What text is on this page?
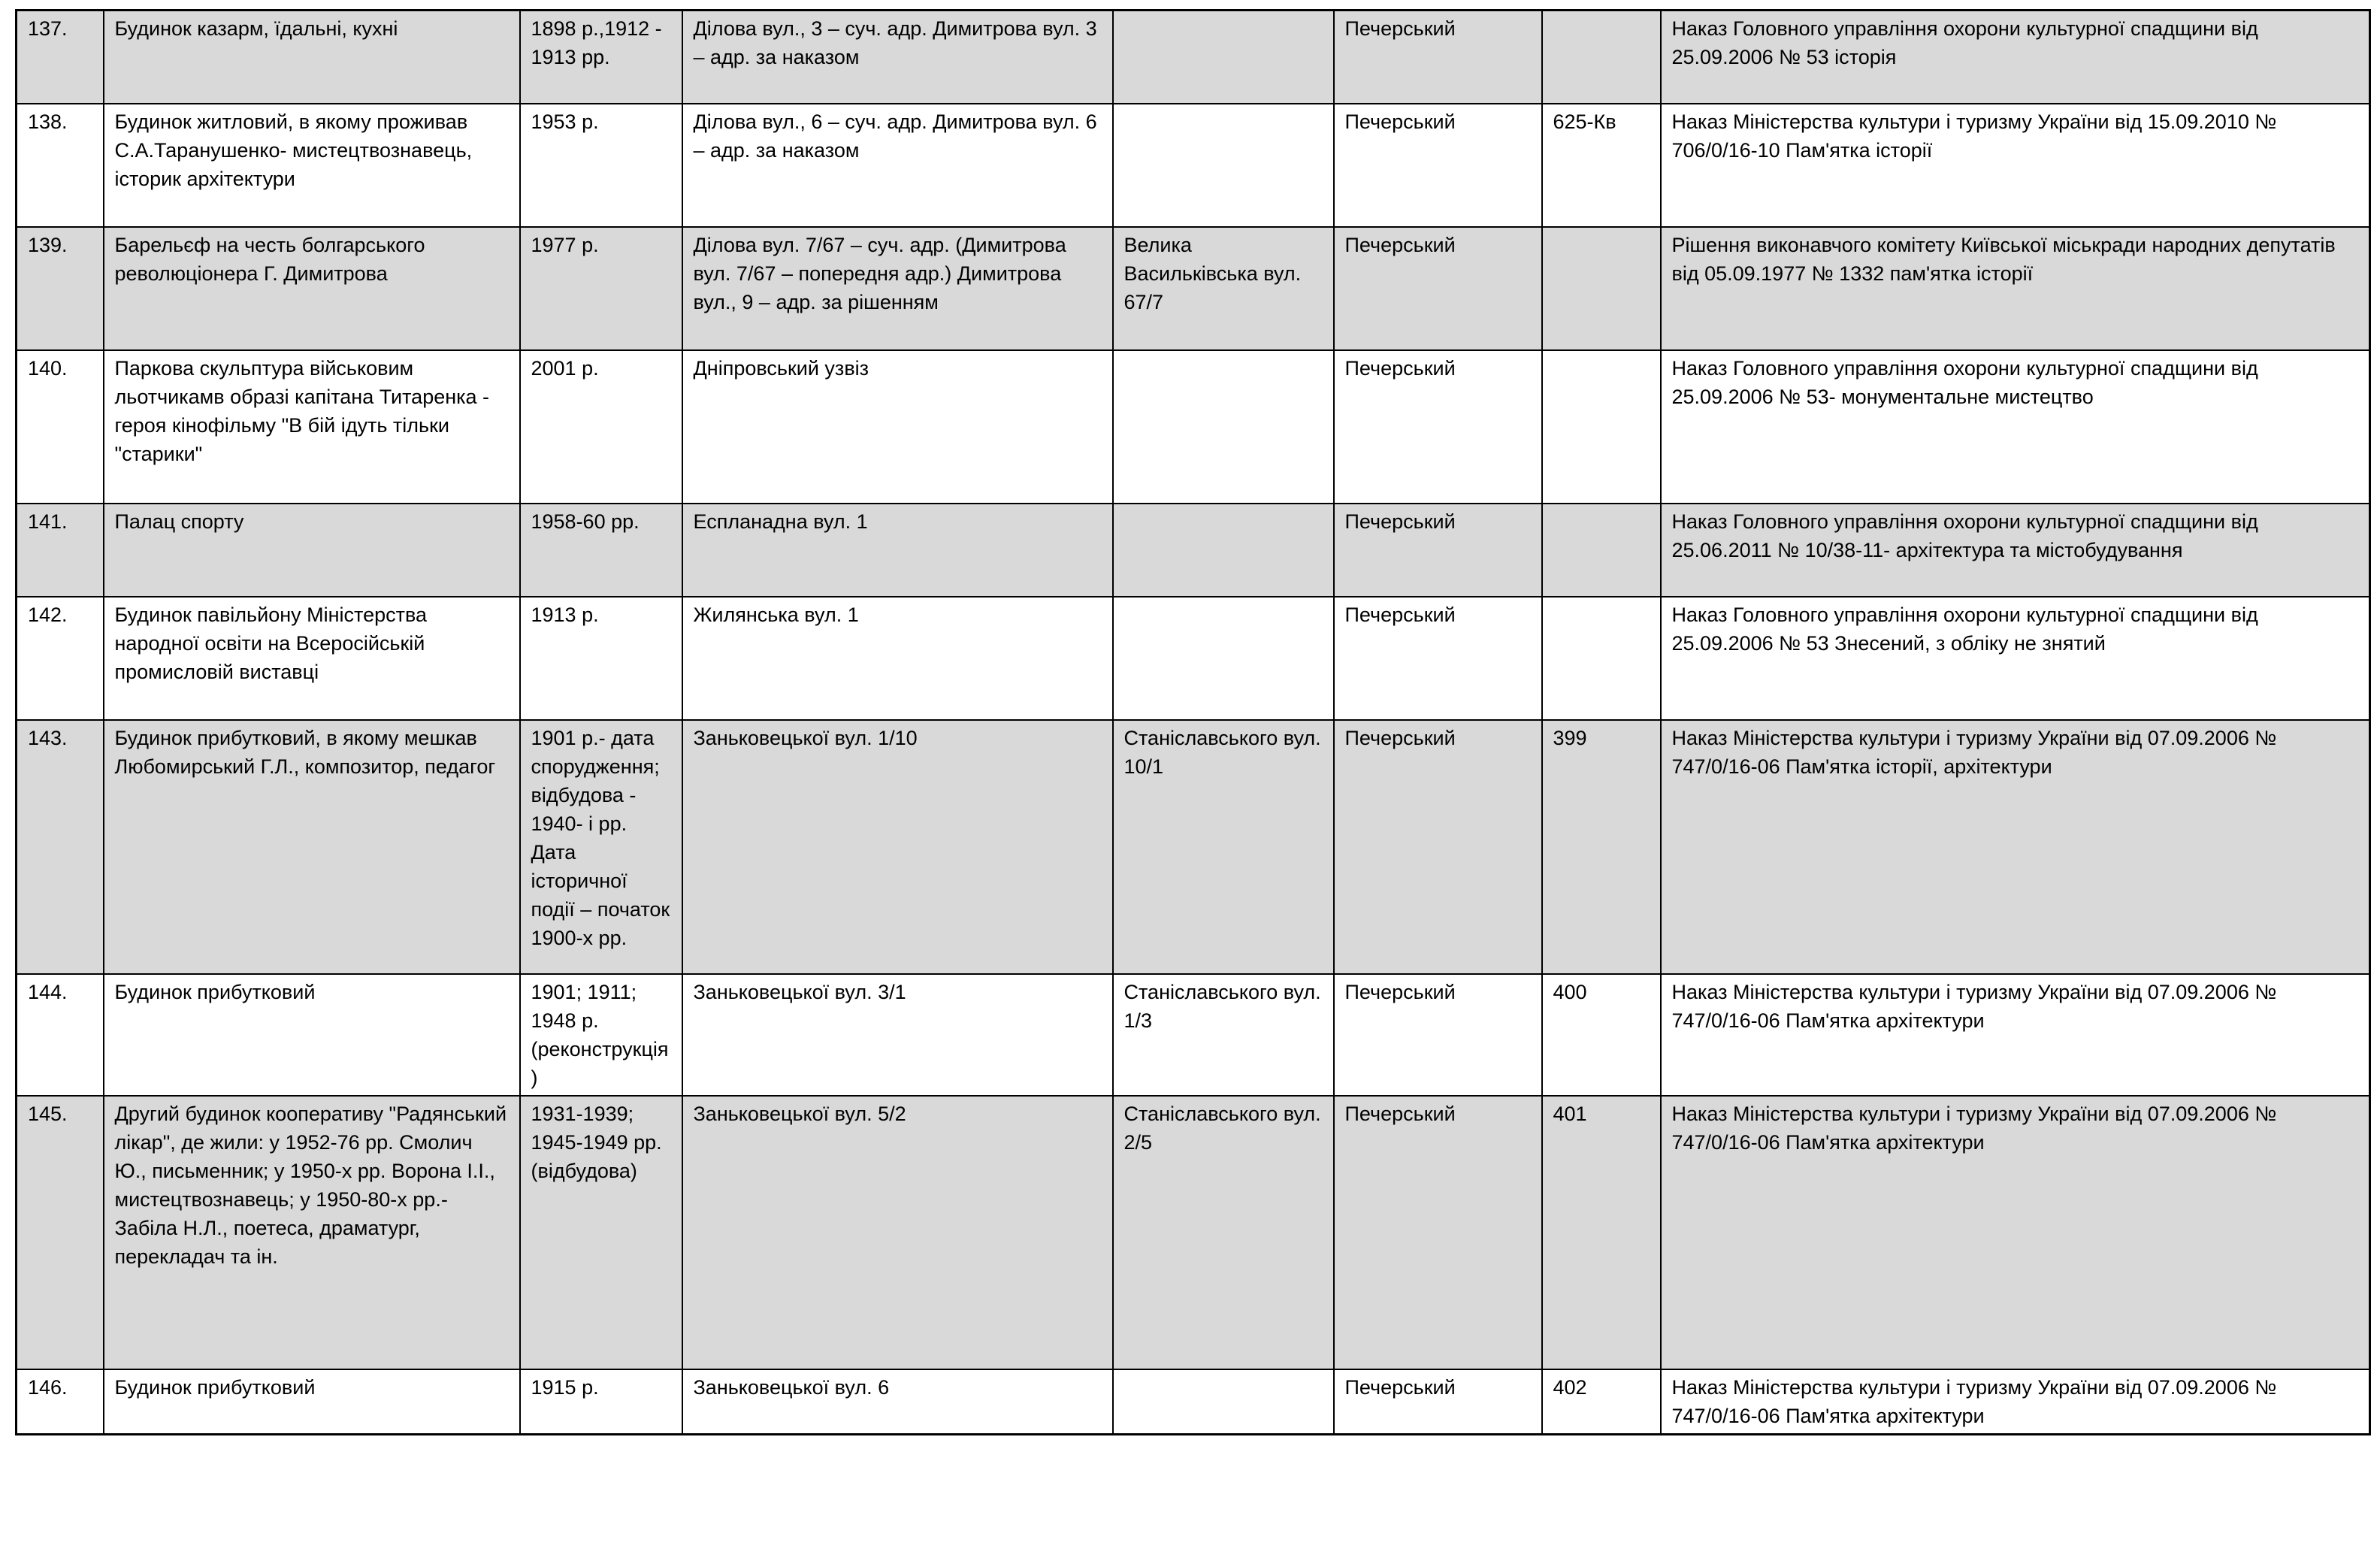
137.	Будинок казарм, їдальні, кухні	1898 р.,1912 - 1913 рр.	Ділова вул., 3 – суч. адр. Димитрова вул. 3 – адр. за наказом		Печерський		Наказ Головного управління охорони культурної спадщини від 25.09.2006 № 53 історія
138.	Будинок житловий, в якому проживав С.А.Таранушенко- мистецтвознавець, історик архітектури	1953 р.	Ділова вул., 6 – суч. адр. Димитрова вул. 6 – адр. за наказом		Печерський	625-Кв	Наказ Міністерства культури і туризму України від 15.09.2010 № 706/0/16-10 Пам'ятка історії
139.	Барельєф на честь болгарського революціонера Г. Димитрова	1977 р.	Ділова вул. 7/67 – суч. адр. (Димитрова вул. 7/67 – попередня адр.) Димитрова вул., 9 – адр. за рішенням	Велика Васильківська вул. 67/7	Печерський		Рішення виконавчого комітету Київської міськради народних депутатів від 05.09.1977 № 1332 пам'ятка історії
140.	Паркова скульптура військовим льотчикамв образі капітана Титаренка - героя кінофільму "В бій ідуть тільки "старики"	2001 р.	Дніпровський узвіз		Печерський		Наказ Головного управління охорони культурної спадщини від 25.09.2006 № 53- монументальне мистецтво
141.	Палац спорту	1958-60 рр.	Еспланадна вул. 1		Печерський		Наказ Головного управління охорони культурної спадщини від 25.06.2011 № 10/38-11- архітектура та містобудування
142.	Будинок павільйону Міністерства народної освіти на Всеросійській промисловій виставці	1913 р.	Жилянська вул. 1		Печерський		Наказ Головного управління охорони культурної спадщини від 25.09.2006 № 53 Знесений, з обліку не знятий
143.	Будинок прибутковий, в якому мешкав Любомирський Г.Л., композитор, педагог	1901 р.- дата спорудження; відбудова - 1940- і рр. Дата історичної події – початок 1900-х рр.	Заньковецької вул. 1/10	Станіславського вул. 10/1	Печерський	399	Наказ Міністерства культури і туризму України від 07.09.2006 № 747/0/16-06 Пам'ятка історії, архітектури
144.	Будинок прибутковий	1901; 1911; 1948 р. (реконструкція)	Заньковецької вул. 3/1	Станіславського вул. 1/3	Печерський	400	Наказ Міністерства культури і туризму України від 07.09.2006 № 747/0/16-06 Пам'ятка архітектури
145.	Другий будинок кооперативу "Радянський лікар", де жили: у 1952-76 рр. Смолич Ю., письменник; у 1950-х рр. Ворона І.І., мистецтвознавець; у 1950-80-х рр.- Забіла Н.Л., поетеса, драматург, перекладач та ін.	1931-1939; 1945-1949 рр. (відбудова)	Заньковецької вул. 5/2	Станіславського вул. 2/5	Печерський	401	Наказ Міністерства культури і туризму України від 07.09.2006 № 747/0/16-06 Пам'ятка архітектури
146.	Будинок прибутковий	1915 р.	Заньковецької вул. 6		Печерський	402	Наказ Міністерства культури і туризму України від 07.09.2006 № 747/0/16-06 Пам'ятка архітектури
